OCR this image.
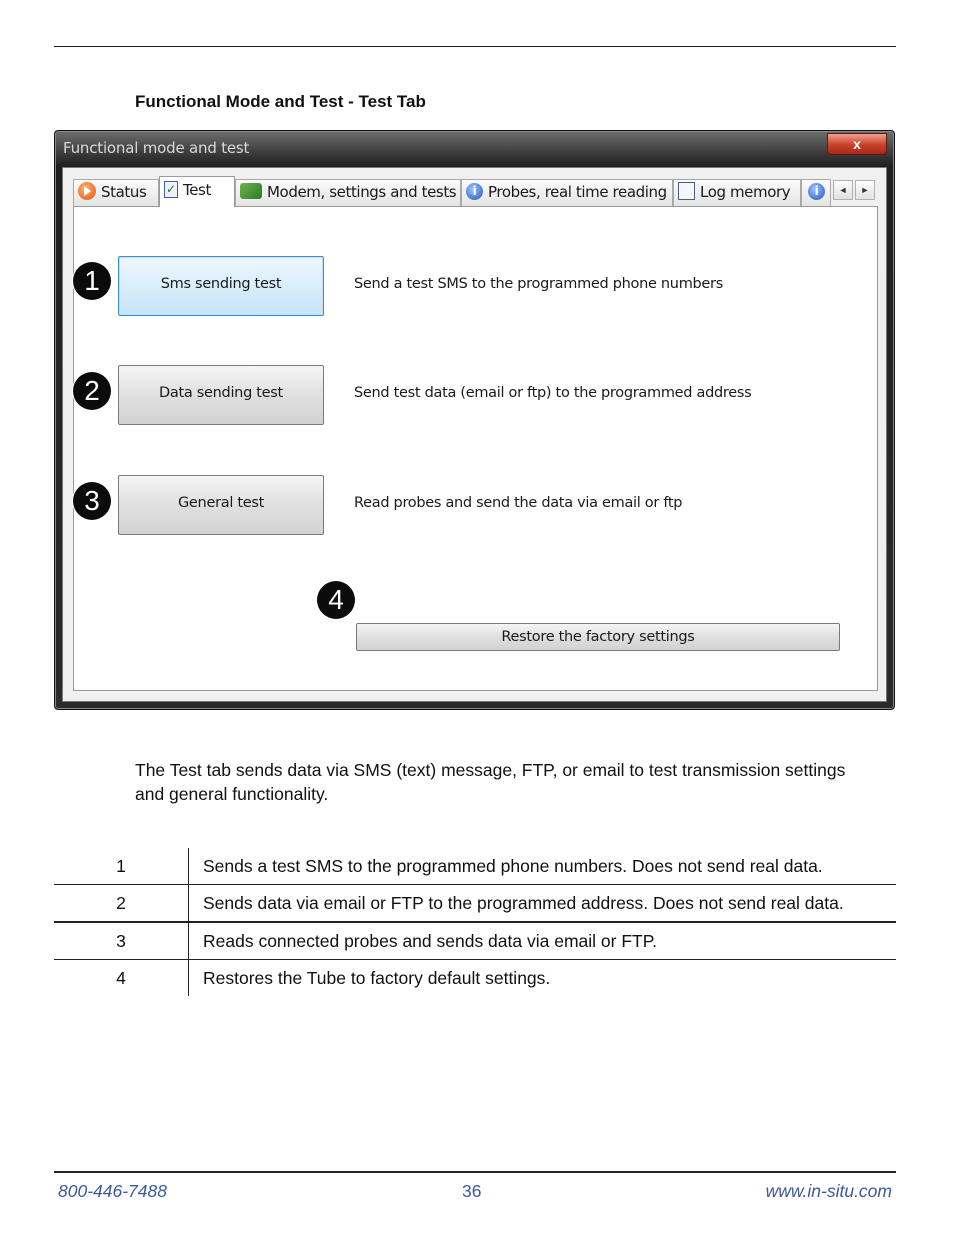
Functional Mode and Test - Test Tab
Functional mode and test	x
Status ✓	Test	Modem, settings and tests	i Probes, real time reading	Log memory	i	◄	►
1	Sms sending test	Send a test SMS to the programmed phone numbers
2	Data sending test	Send test data (email or ftp) to the programmed address
3	General test	Read probes and send the data via email or ftp
4
Restore the factory settings
The Test tab sends data via SMS (text) message, FTP, or email to test transmission settings and general functionality.
1	Sends a test SMS to the programmed phone numbers. Does not send real data.
2	Sends data via email or FTP to the programmed address. Does not send real data.
3	Reads connected probes and sends data via email or FTP.
4	Restores the Tube to factory default settings.
800-446-7488	36	www.in-situ.com
